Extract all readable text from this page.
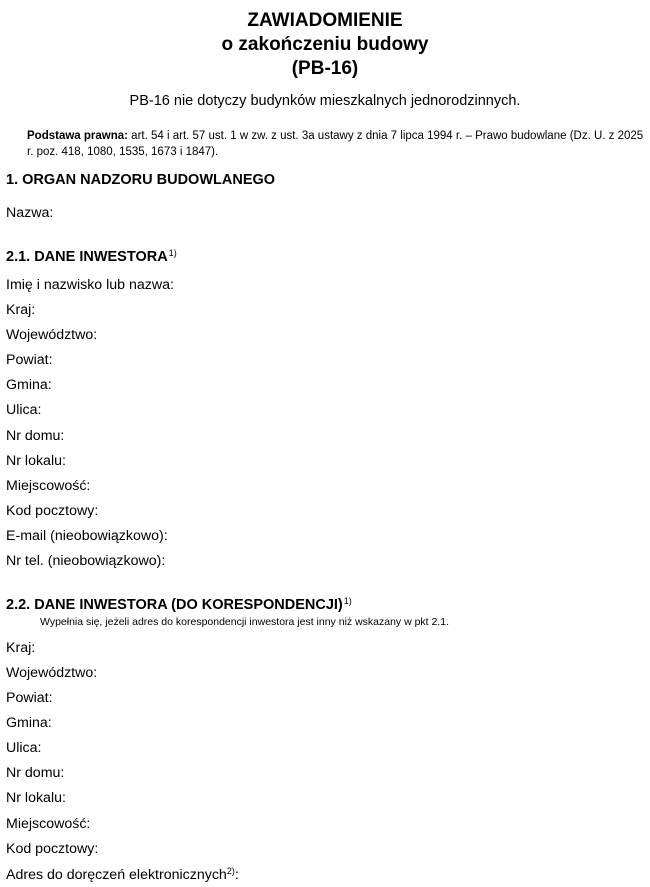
ZAWIADOMIENIE
o zakończeniu budowy
(PB-16)
PB-16 nie dotyczy budynków mieszkalnych jednorodzinnych.
Podstawa prawna: art. 54 i art. 57 ust. 1 w zw. z ust. 3a ustawy z dnia 7 lipca 1994 r. – Prawo budowlane (Dz. U. z 2025 r. poz. 418, 1080, 1535, 1673 i 1847).
1. ORGAN NADZORU BUDOWLANEGO
Nazwa:
2.1. DANE INWESTORA$^{1)}$
Imię i nazwisko lub nazwa:
Kraj:
Województwo:
Powiat:
Gmina:
Ulica:
Nr domu:
Nr lokalu:
Miejscowość:
Kod pocztowy:
E-mail (nieobowiązkowo):
Nr tel. (nieobowiązkowo):
2.2. DANE INWESTORA (DO KORESPONDENCJI)$^{1)}$
Wypełnia się, jeżeli adres do korespondencji inwestora jest inny niż wskazany w pkt 2.1.
Kraj:
Województwo:
Powiat:
Gmina:
Ulica:
Nr domu:
Nr lokalu:
Miejscowość:
Kod pocztowy:
Adres do doręczeń elektronicznych$^{2)}$:
